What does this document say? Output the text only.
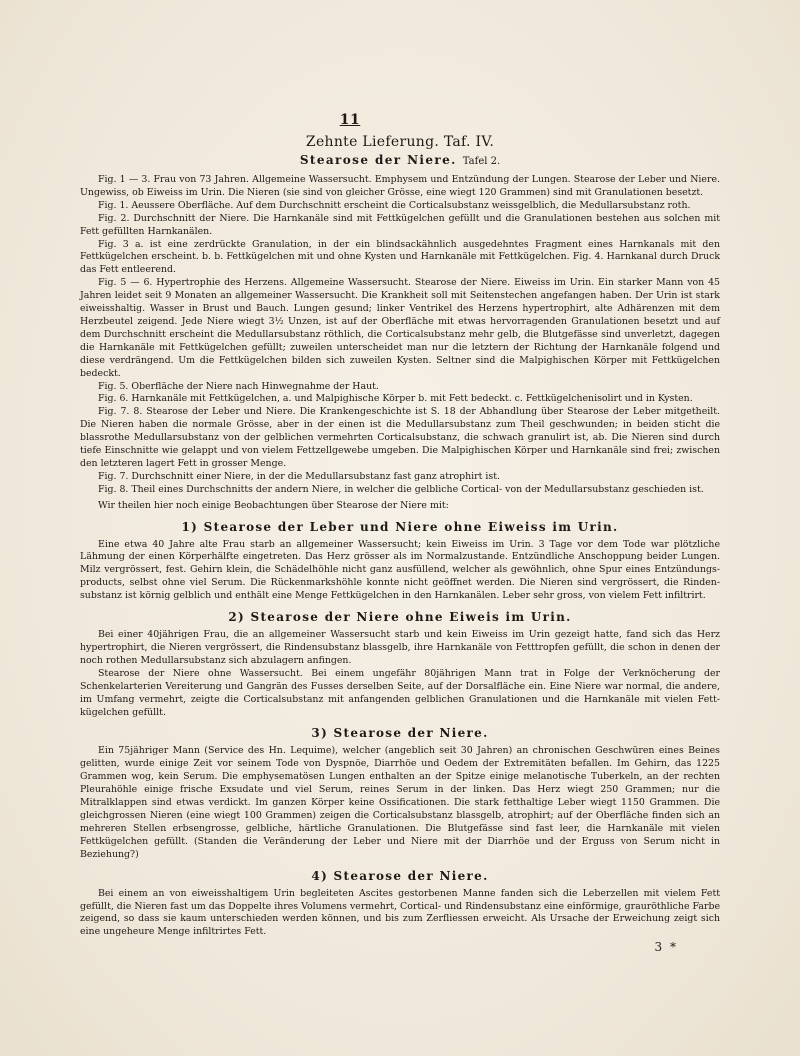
11
Zehnte Lieferung. Taf. IV.
Stearose der Niere. Tafel 2.

Fig. 1 — 3. Frau von 73 Jahren. Allgemeine Wassersucht. Emphysem und Entzündung der Lungen. Stearose der Leber und Niere. Ungewiss, ob Eiweiss im Urin. Die Nieren (sie sind von gleicher Grösse, eine wiegt 120 Grammen) sind mit Granulationen besetzt.

Fig. 1. Aeussere Oberfläche. Auf dem Durchschnitt erscheint die Corticalsubstanz weissgelblich, die Medullarsubstanz roth.

Fig. 2. Durchschnitt der Niere. Die Harnkanäle sind mit Fettkügelchen gefüllt und die Granulationen bestehen aus solchen mit Fett gefüllten Harnkanälen.

Fig. 3 a. ist eine zerdrückte Granulation, in der ein blindsackähnlich ausgedehntes Fragment eines Harnkanals mit den Fettkügelchen erscheint. b. b. Fettkügelchen mit und ohne Kysten und Harnkanäle mit Fettkügelchen. Fig. 4. Harnkanal durch Druck das Fett entleerend.

Fig. 5 — 6. Hypertrophie des Herzens. Allgemeine Wassersucht. Stearose der Niere. Eiweiss im Urin. Ein starker Mann von 45 Jahren leidet seit 9 Monaten an allgemeiner Wassersucht. Die Krankheit soll mit Seitenstechen angefangen haben. Der Urin ist stark eiweisshaltig. Wasser in Brust und Bauch. Lungen gesund; linker Ventrikel des Herzens hypertrophirt, alte Adhärenzen mit dem Herzbeutel zeigend. Jede Niere wiegt 3½ Unzen, ist auf der Oberfläche mit etwas hervorragenden Granulationen besetzt und auf dem Durchschnitt erscheint die Medullarsubstanz röthlich, die Corticalsubstanz mehr gelb, die Blutgefässe sind unverletzt, dagegen die Harnkanäle mit Fettkügelchen gefüllt; zuweilen unterscheidet man nur die letztern der Richtung der Harnkanäle folgend und diese verdrängend. Um die Fettkügelchen bilden sich zuweilen Kysten. Seltner sind die Malpighischen Körper mit Fettkügelchen bedeckt.

Fig. 5. Oberfläche der Niere nach Hinwegnahme der Haut.

Fig. 6. Harnkanäle mit Fettkügelchen, a. und Malpighische Körper b. mit Fett bedeckt. c. Fettkügelchenisolirt und in Kysten.

Fig. 7. 8. Stearose der Leber und Niere. Die Krankengeschichte ist S. 18 der Abhandlung über Stearose der Leber mitgetheilt. Die Nieren haben die normale Grösse, aber in der einen ist die Medullarsubstanz zum Theil geschwunden; in beiden sticht die blassrothe Medullarsubstanz von der gelblichen vermehrten Corticalsubstanz, die schwach granulirt ist, ab. Die Nieren sind durch tiefe Einschnitte wie gelappt und von vielem Fettzellgewebe umgeben. Die Malpighischen Körper und Harnkanäle sind frei; zwischen den letzteren lagert Fett in grosser Menge.

Fig. 7. Durchschnitt einer Niere, in der die Medullarsubstanz fast ganz atrophirt ist.

Fig. 8. Theil eines Durchschnitts der andern Niere, in welcher die gelbliche Cortical- von der Medullarsubstanz geschieden ist.

Wir theilen hier noch einige Beobachtungen über Stearose der Niere mit:

1) Stearose der Leber und Niere ohne Eiweiss im Urin.

Eine etwa 40 Jahre alte Frau starb an allgemeiner Wassersucht; kein Eiweiss im Urin. 3 Tage vor dem Tode war plötzliche Lähmung der einen Körperhälfte eingetreten. Das Herz grösser als im Normalzustande. Entzündliche Anschoppung beider Lungen. Milz vergrössert, fest. Gehirn klein, die Schädelhöhle nicht ganz ausfüllend, welcher als gewöhnlich, ohne Spur eines Entzündungs-products, selbst ohne viel Serum. Die Rückenmarkshöhle konnte nicht geöffnet werden. Die Nieren sind vergrössert, die Rinden-substanz ist körnig gelblich und enthält eine Menge Fettkügelchen in den Harnkanälen. Leber sehr gross, von vielem Fett infiltrirt.

2) Stearose der Niere ohne Eiweis im Urin.

Bei einer 40jährigen Frau, die an allgemeiner Wassersucht starb und kein Eiweiss im Urin gezeigt hatte, fand sich das Herz hypertrophirt, die Nieren vergrössert, die Rindensubstanz blassgelb, ihre Harnkanäle von Fetttropfen gefüllt, die schon in denen der noch rothen Medullarsubstanz sich abzulagern anfingen.

Stearose der Niere ohne Wassersucht. Bei einem ungefähr 80jährigen Mann trat in Folge der Verknöcherung der Schenkelarterien Vereiterung und Gangrän des Fusses derselben Seite, auf der Dorsalfläche ein. Eine Niere war normal, die andere, im Umfang vermehrt, zeigte die Corticalsubstanz mit anfangenden gelblichen Granulationen und die Harnkanäle mit vielen Fett-kügelchen gefüllt.

3) Stearose der Niere.

Ein 75jähriger Mann (Service des Hn. Lequime), welcher (angeblich seit 30 Jahren) an chronischen Geschwüren eines Beines gelitten, wurde einige Zeit vor seinem Tode von Dyspnöe, Diarrhöe und Oedem der Extremitäten befallen. Im Gehirn, das 1225 Grammen wog, kein Serum. Die emphysematösen Lungen enthalten an der Spitze einige melanotische Tuberkeln, an der rechten Pleurahöhle einige frische Exsudate und viel Serum, reines Serum in der linken. Das Herz wiegt 250 Grammen; nur die Mitralklappen sind etwas verdickt. Im ganzen Körper keine Ossificationen. Die stark fetthaltige Leber wiegt 1150 Grammen. Die gleichgrossen Nieren (eine wiegt 100 Grammen) zeigen die Corticalsubstanz blassgelb, atrophirt; auf der Oberfläche finden sich an mehreren Stellen erbsengrosse, gelbliche, härtliche Granulationen. Die Blutgefässe sind fast leer, die Harnkanäle mit vielen Fettkügelchen gefüllt. (Standen die Veränderung der Leber und Niere mit der Diarrhöe und der Erguss von Serum nicht in Beziehung?)

4) Stearose der Niere.

Bei einem an von eiweisshaltigem Urin begleiteten Ascites gestorbenen Manne fanden sich die Leberzellen mit vielem Fett gefüllt, die Nieren fast um das Doppelte ihres Volumens vermehrt, Cortical- und Rindensubstanz eine einförmige, grauröthliche Farbe zeigend, so dass sie kaum unterschieden werden können, und bis zum Zerfliessen erweicht. Als Ursache der Erweichung zeigt sich eine ungeheure Menge infiltrirtes Fett.

3 *
